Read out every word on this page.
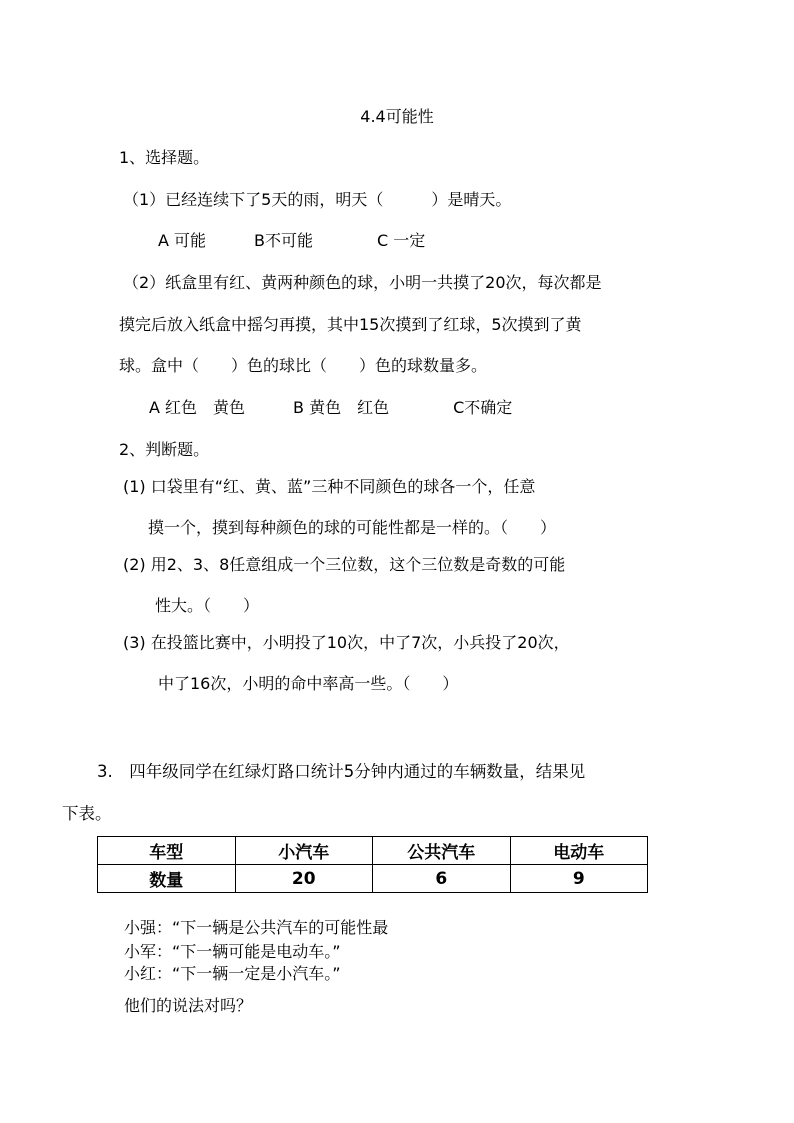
4.4可能性
1、选择题。
（1）已经连续下了5天的雨，明天（　　　）是晴天。
A 可能　　　B不可能　　　　C 一定
（2）纸盒里有红、黄两种颜色的球，小明一共摸了20次，每次都是
摸完后放入纸盒中摇匀再摸，其中15次摸到了红球，5次摸到了黄
球。盒中（　　）色的球比（　　）色的球数量多。
A 红色　黄色　　　B 黄色　红色　　　　C不确定
2、判断题。
(1) 口袋里有“红、黄、蓝”三种不同颜色的球各一个，任意
摸一个，摸到每种颜色的球的可能性都是一样的。（　　）
(2) 用2、3、8任意组成一个三位数，这个三位数是奇数的可能
性大。（　　）
(3) 在投篮比赛中，小明投了10次，中了7次，小兵投了20次，
中了16次，小明的命中率高一些。（　　）
3.　四年级同学在红绿灯路口统计5分钟内通过的车辆数量，结果见
下表。
车型	小汽车	公共汽车	电动车
数量	20	6	9
小强：“下一辆是公共汽车的可能性最
小军：“下一辆可能是电动车。”
小红：“下一辆一定是小汽车。”
他们的说法对吗？
